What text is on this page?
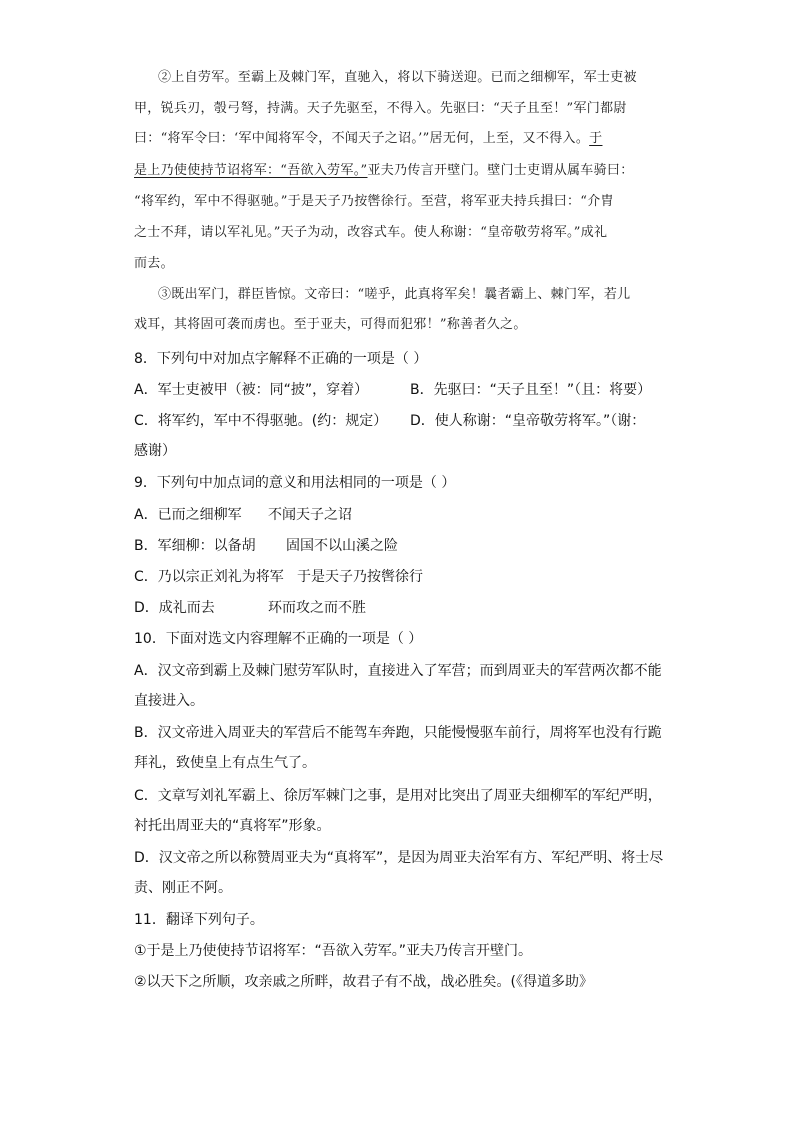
②上自劳军。至霸上及棘门军，直驰入，将以下骑送迎。已而之细柳军，军士吏被
甲，锐兵刃，彀弓弩，持满。天子先驱至，不得入。先驱曰：“天子且至！”军门都尉
曰：“将军令曰：‘军中闻将军令，不闻天子之诏。’”居无何，上至，又不得入。于
是上乃使使持节诏将军：“吾欲入劳军。”亚夫乃传言开壁门。壁门士吏谓从属车骑曰：
“将军约，军中不得驱驰。”于是天子乃按辔徐行。至营，将军亚夫持兵揖曰：“介胄
之士不拜，请以军礼见。”天子为动，改容式车。使人称谢：“皇帝敬劳将军。”成礼
而去。
③既出军门，群臣皆惊。文帝曰：“嗟乎，此真将军矣！曩者霸上、棘门军，若儿
戏耳，其将固可袭而虏也。至于亚夫，可得而犯邪！”称善者久之。
8．下列句中对加点字解释不正确的一项是（ ）
A．军士吏被甲（被：同“披”，穿着）	B．先驱曰：“天子且至！”（且：将要）
C．将军约，军中不得驱驰。(约：规定） D．使人称谢：“皇帝敬劳将军。”（谢：
感谢）
9．下列句中加点词的意义和用法相同的一项是（ ）
A．已而之细柳军 不闻天子之诏
B．军细柳：以备胡 固国不以山溪之险
C．乃以宗正刘礼为将军 于是天子乃按辔徐行
D．成礼而去	环而攻之而不胜
10．下面对选文内容理解不正确的一项是（ ）
A．汉文帝到霸上及棘门慰劳军队时，直接进入了军营；而到周亚夫的军营两次都不能
直接进入。
B．汉文帝进入周亚夫的军营后不能驾车奔跑，只能慢慢驱车前行，周将军也没有行跪
拜礼，致使皇上有点生气了。
C．文章写刘礼军霸上、徐厉军棘门之事，是用对比突出了周亚夫细柳军的军纪严明，
衬托出周亚夫的“真将军”形象。
D．汉文帝之所以称赞周亚夫为“真将军”，是因为周亚夫治军有方、军纪严明、将士尽
责、刚正不阿。
11．翻译下列句子。
①于是上乃使使持节诏将军：“吾欲入劳军。”亚夫乃传言开壁门。
②以天下之所顺，攻亲戚之所畔，故君子有不战，战必胜矣。(《得道多助》
